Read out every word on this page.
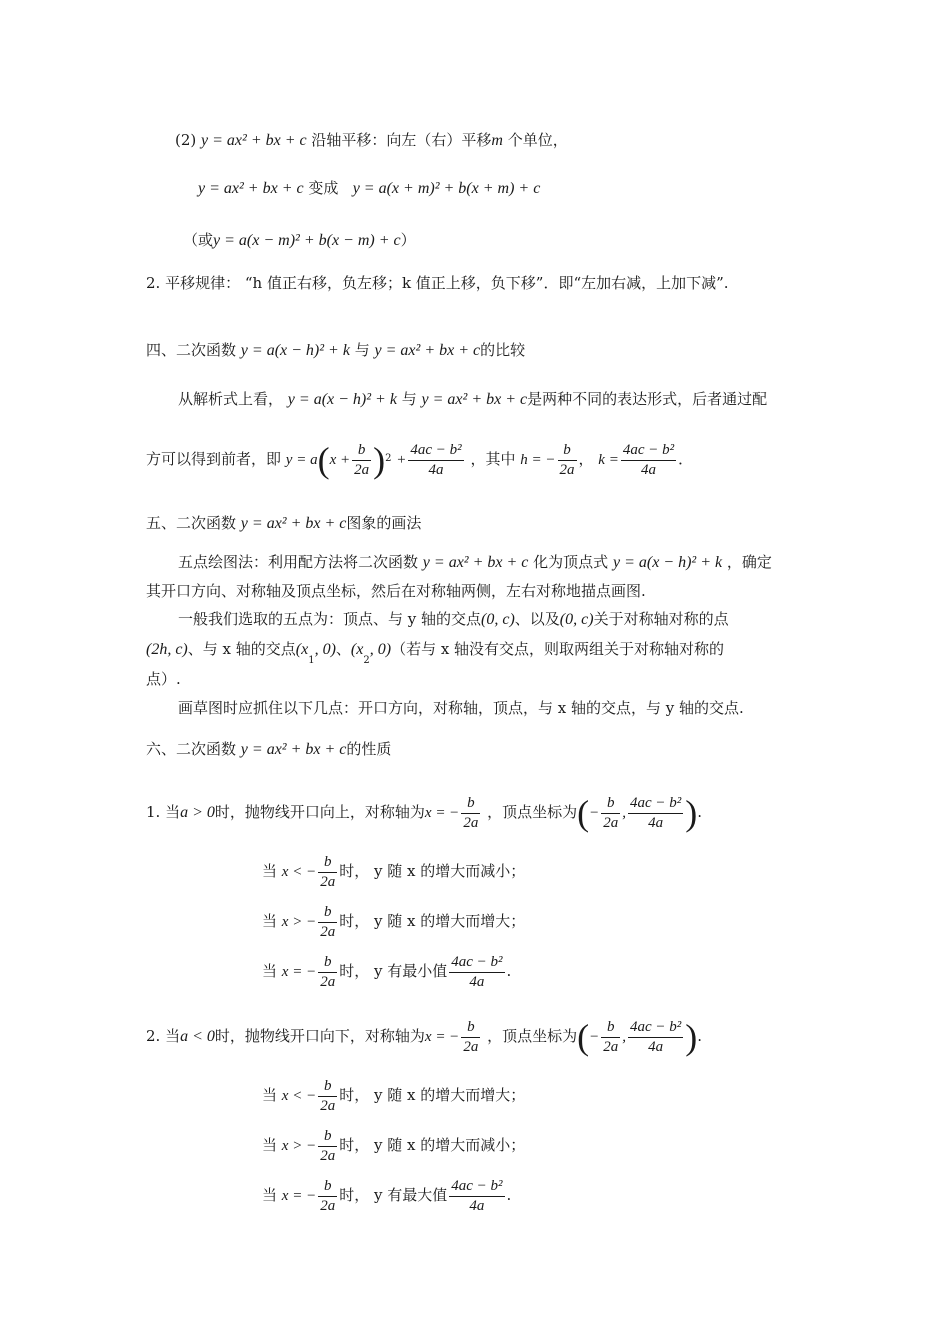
(2) y = ax² + bx + c 沿轴平移：向左（右）平移m 个单位，
y = ax² + bx + c 变成 y = a(x + m)² + b(x + m) + c
（或y = a(x − m)² + b(x − m) + c）
2. 平移规律： “h 值正右移，负左移；k 值正上移，负下移”．即“左加右减，上加下减”.
四、二次函数 y = a(x − h)² + k 与 y = ax² + bx + c的比较
从解析式上看， y = a(x − h)² + k 与 y = ax² + bx + c是两种不同的表达形式，后者通过配
方可以得到前者，即 $y = a(x + \frac{b}{2a} )^2 + \frac{\text{4ac − b²}}{4a}$ ，其中 h = − $\frac{b}{2a}$ ， $k = \frac{\text{4ac − b²}}{4a}$ ．
五、二次函数 y = ax² + bx + c图象的画法
五点绘图法：利用配方法将二次函数 y = ax² + bx + c 化为顶点式 y = a(x − h)² + k ，确定
其开口方向、对称轴及顶点坐标，然后在对称轴两侧，左右对称地描点画图.
一般我们选取的五点为：顶点、与 y 轴的交点(0, c)、以及(0, c)关于对称轴对称的点
(2h, c)、与 x 轴的交点($x_1$, 0)、($x_2$, 0)（若与 x 轴没有交点，则取两组关于对称轴对称的
点）.
画草图时应抓住以下几点：开口方向，对称轴，顶点，与 x 轴的交点，与 y 轴的交点.
六、二次函数 y = ax² + bx + c的性质
1. 当a > 0时，抛物线开口向上，对称轴为x = − $\frac{b}{2a}$ ，顶点坐标为(− $\frac{b}{2a}$ , $\frac{\text{4ac − b²}}{4a}$ ).
当 x < − $\frac{b}{2a}$ 时， y 随 x 的增大而减小；
当 x > − $\frac{b}{2a}$ 时， y 随 x 的增大而增大；
当 x = − $\frac{b}{2a}$ 时， y 有最小值 $\frac{\text{4ac − b²}}{4a}$ .
2. 当a < 0时，抛物线开口向下，对称轴为x = − $\frac{b}{2a}$ ，顶点坐标为(− $\frac{b}{2a}$ , $\frac{\text{4ac − b²}}{4a}$ ).
当 x < − $\frac{b}{2a}$ 时， y 随 x 的增大而增大；
当 x > − $\frac{b}{2a}$ 时， y 随 x 的增大而减小；
当 x = − $\frac{b}{2a}$ 时， y 有最大值 $\frac{\text{4ac − b²}}{4a}$ .
